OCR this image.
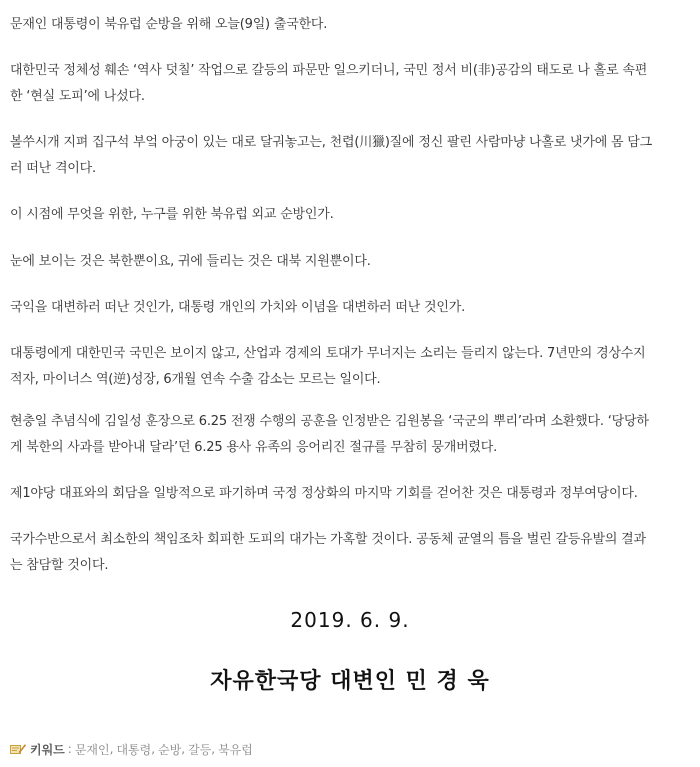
문재인 대통령이 북유럽 순방을 위해 오늘(9일) 출국한다.

대한민국 정체성 훼손 ‘역사 덧칠’ 작업으로 갈등의 파문만 일으키더니, 국민 정서 비(非)공감의 태도로 나 홀로 속편
한 ‘현실 도피’에 나섰다.

볼쑤시개 지펴 집구석 부엌 아궁이 있는 대로 달궈놓고는, 천렵(川獵)질에 정신 팔린 사람마냥 나홀로 냇가에 몸 담그
러 떠난 격이다.

이 시점에 무엇을 위한, 누구를 위한 북유럽 외교 순방인가.

눈에 보이는 것은 북한뿐이요, 귀에 들리는 것은 대북 지원뿐이다.

국익을 대변하러 떠난 것인가, 대통령 개인의 가치와 이념을 대변하러 떠난 것인가.

대통령에게 대한민국 국민은 보이지 않고, 산업과 경제의 토대가 무너지는 소리는 들리지 않는다. 7년만의 경상수지
적자, 마이너스 역(逆)성장, 6개월 연속 수출 감소는 모르는 일이다.

현충일 추념식에 김일성 훈장으로 6.25 전쟁 수행의 공훈을 인정받은 김원봉을 ‘국군의 뿌리’라며 소환했다. ‘당당하
게 북한의 사과를 받아내 달라’던 6.25 용사 유족의 응어리진 절규를 무참히 뭉개버렸다.

제1야당 대표와의 회담을 일방적으로 파기하며 국정 정상화의 마지막 기회를 걷어찬 것은 대통령과 정부여당이다.

국가수반으로서 최소한의 책임조차 회피한 도피의 대가는 가혹할 것이다. 공동체 균열의 틈을 벌린 갈등유발의 결과
는 참담할 것이다.

2019. 6. 9.
자유한국당 대변인 민 경 욱
키워드 : 문재인 , 대통령 , 순방 , 갈등 , 북유럽
